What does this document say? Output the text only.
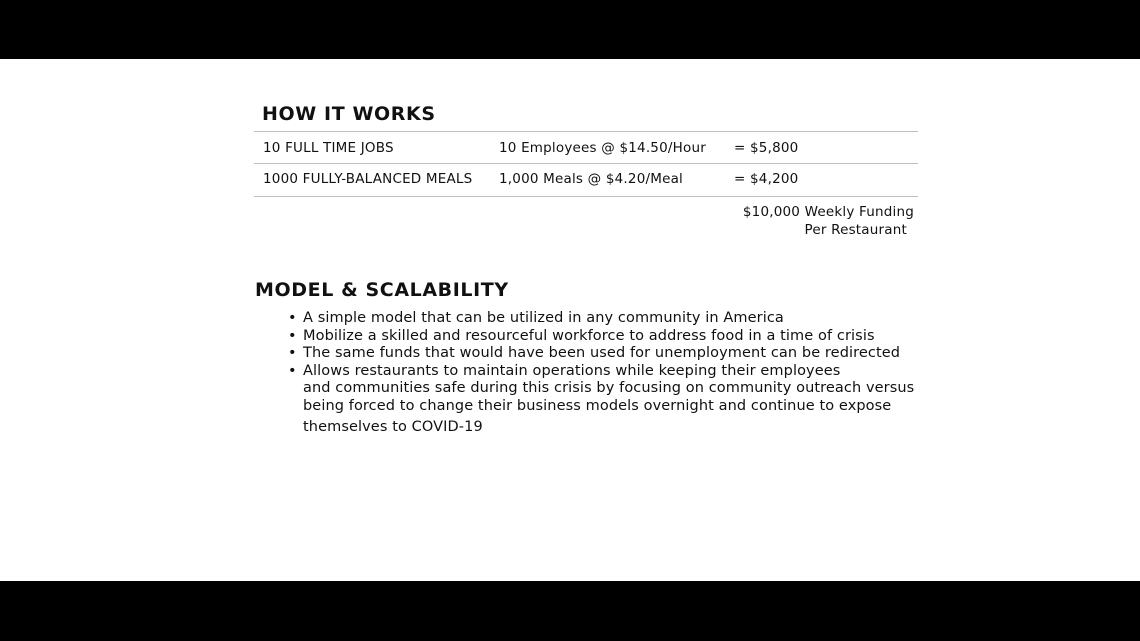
HOW IT WORKS
10 FULL TIME JOBS	10 Employees @ $14.50/Hour = $5,800
1000 FULLY-BALANCED MEALS 1,000 Meals @ $4.20/Meal	= $4,200
$10,000 Weekly Funding
Per Restaurant
MODEL & SCALABILITY
• A simple model that can be utilized in any community in America
• Mobilize a skilled and resourceful workforce to address food in a time of crisis
• The same funds that would have been used for unemployment can be redirected
• Allows restaurants to maintain operations while keeping their employees
and communities safe during this crisis by focusing on community outreach versus
being forced to change their business models overnight and continue to expose
themselves to COVID-19
